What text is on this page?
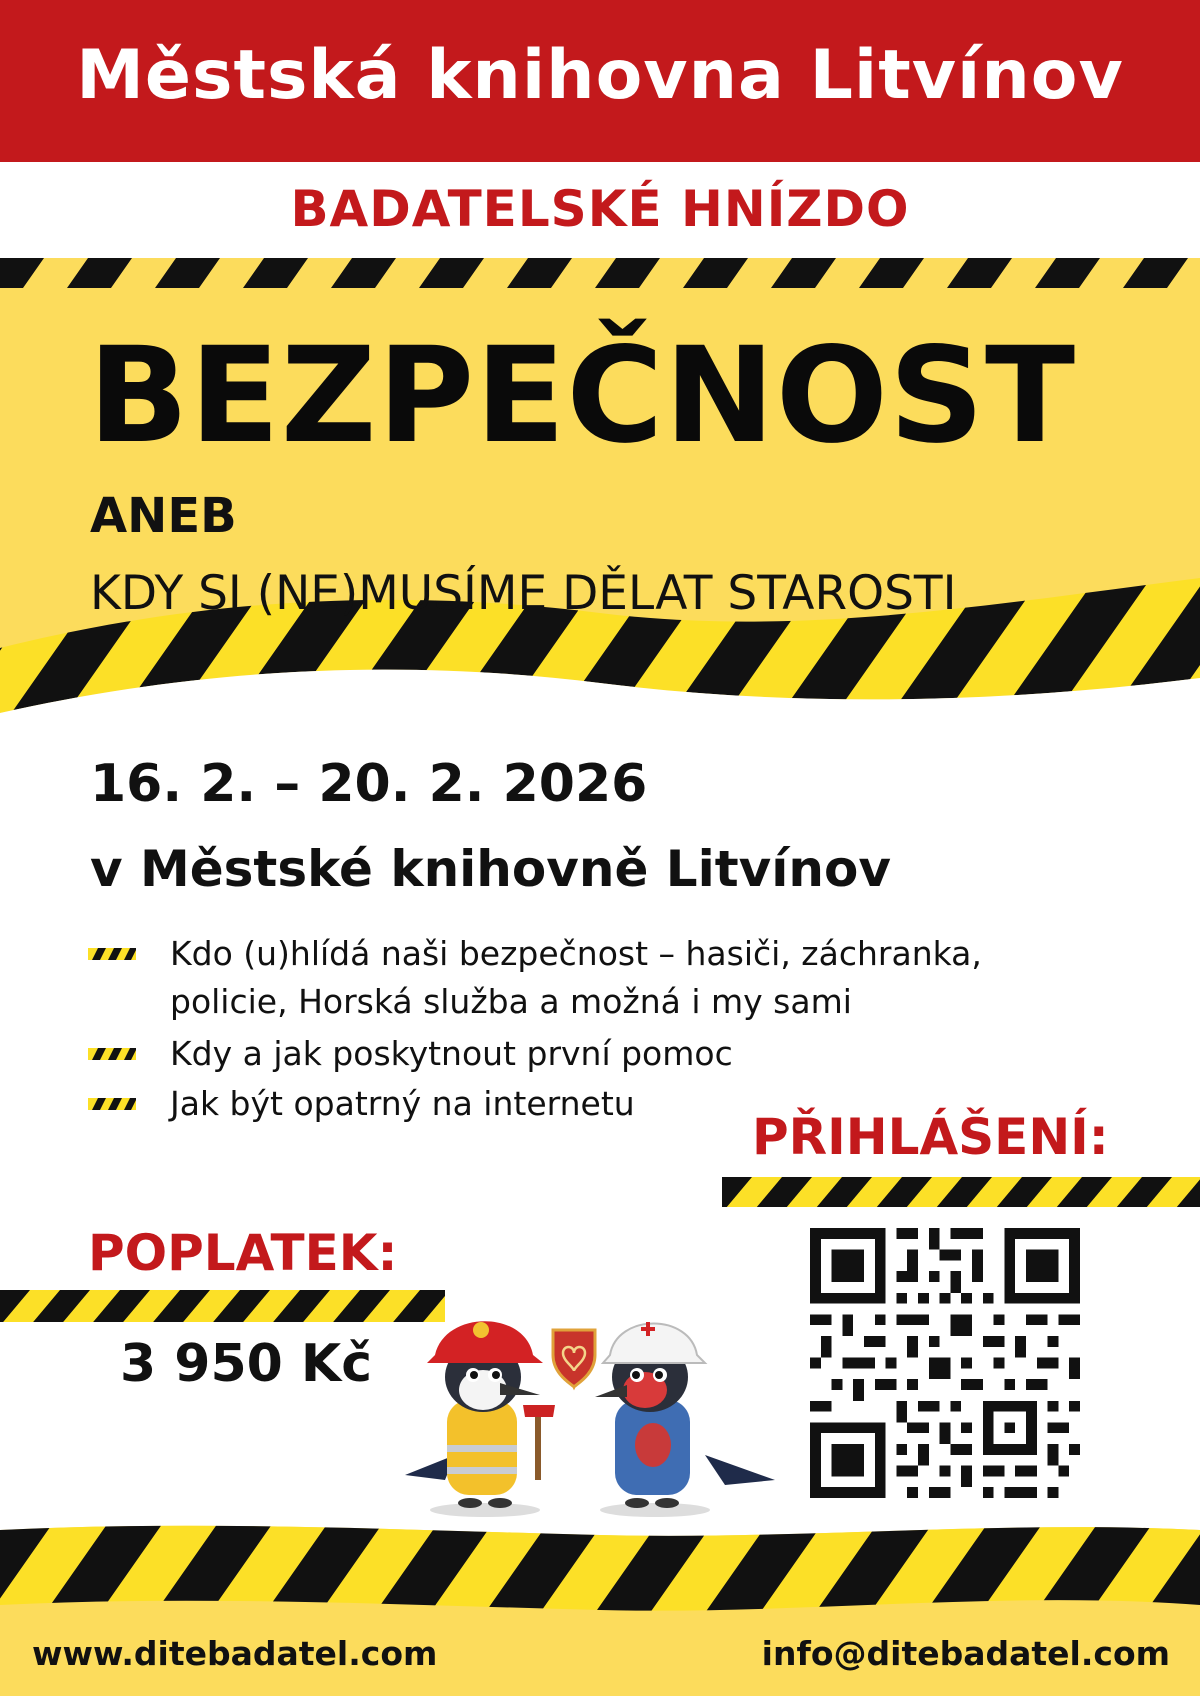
Městská knihovna Litvínov
BADATELSKÉ HNÍZDO
BEZPEČNOST
ANEB
KDY SI (NE)MUSÍME DĚLAT STAROSTI
16. 2. – 20. 2. 2026
v Městské knihovně Litvínov
Kdo (u)hlídá naši bezpečnost – hasiči, záchranka,
policie, Horská služba a možná i my sami
Kdy a jak poskytnout první pomoc
Jak být opatrný na internetu
PŘIHLÁŠENÍ:
POPLATEK:
3 950 Kč
www.ditebadatel.com	info@ditebadatel.com
